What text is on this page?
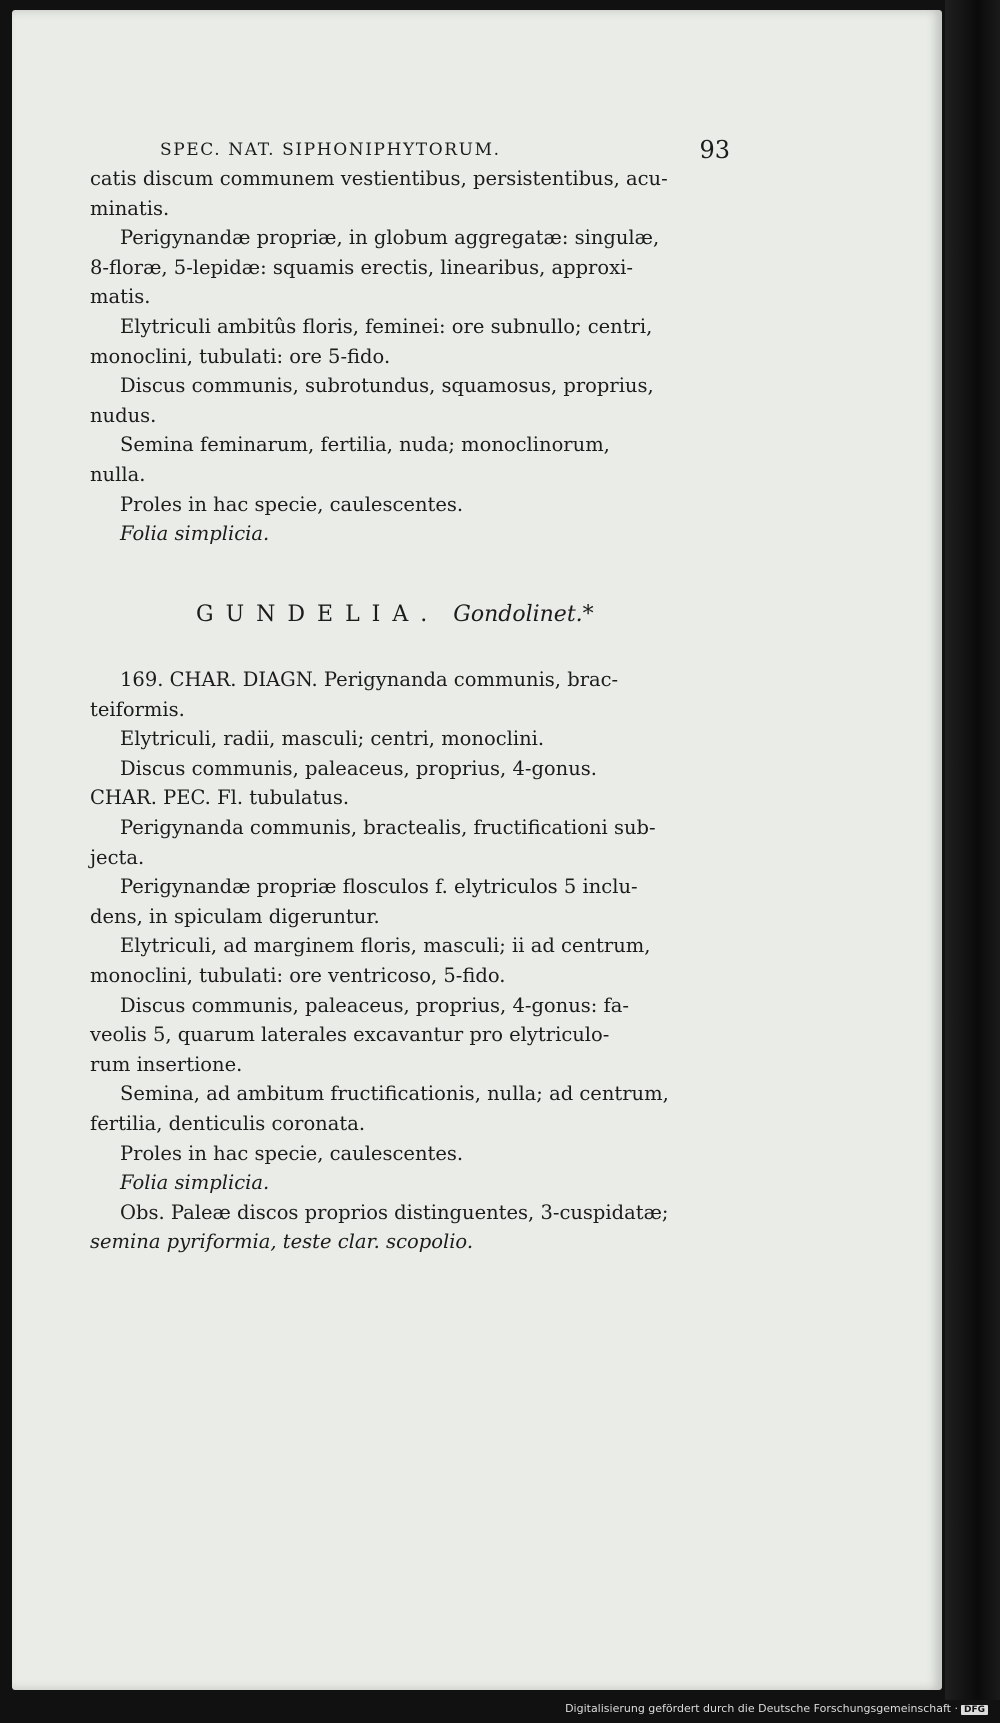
SPEC. NAT. SIPHONIPHYTORUM.	93
catis discum communem vestientibus, persistentibus, acu-
minatis.
Perigynandæ propriæ, in globum aggregatæ: singulæ,
8-floræ, 5-lepidæ: squamis erectis, linearibus, approxi-
matis.
Elytriculi ambitûs floris, feminei: ore subnullo; centri,
monoclini, tubulati: ore 5-fido.
Discus communis, subrotundus, squamosus, proprius,
nudus.
Semina feminarum, fertilia, nuda; monoclinorum,
nulla.
Proles in hac specie, caulescentes.
Folia simplicia.
GUNDELIA. Gondolinet.*
169. CHAR. DIAGN. Perigynanda communis, brac-
teiformis.
Elytriculi, radii, masculi; centri, monoclini.
Discus communis, paleaceus, proprius, 4-gonus.
CHAR. PEC. Fl. tubulatus.
Perigynanda communis, bractealis, fructificationi sub-
jecta.
Perigynandæ propriæ flosculos f. elytriculos 5 inclu-
dens, in spiculam digeruntur.
Elytriculi, ad marginem floris, masculi; ii ad centrum,
monoclini, tubulati: ore ventricoso, 5-fido.
Discus communis, paleaceus, proprius, 4-gonus: fa-
veolis 5, quarum laterales excavantur pro elytriculo-
rum insertione.
Semina, ad ambitum fructificationis, nulla; ad centrum,
fertilia, denticulis coronata.
Proles in hac specie, caulescentes.
Folia simplicia.
Obs. Paleæ discos proprios distinguentes, 3-cuspidatæ;
semina pyriformia, teste clar. scopolio.
Digitalisierung gefördert durch die Deutsche Forschungsgemeinschaft · DFG
